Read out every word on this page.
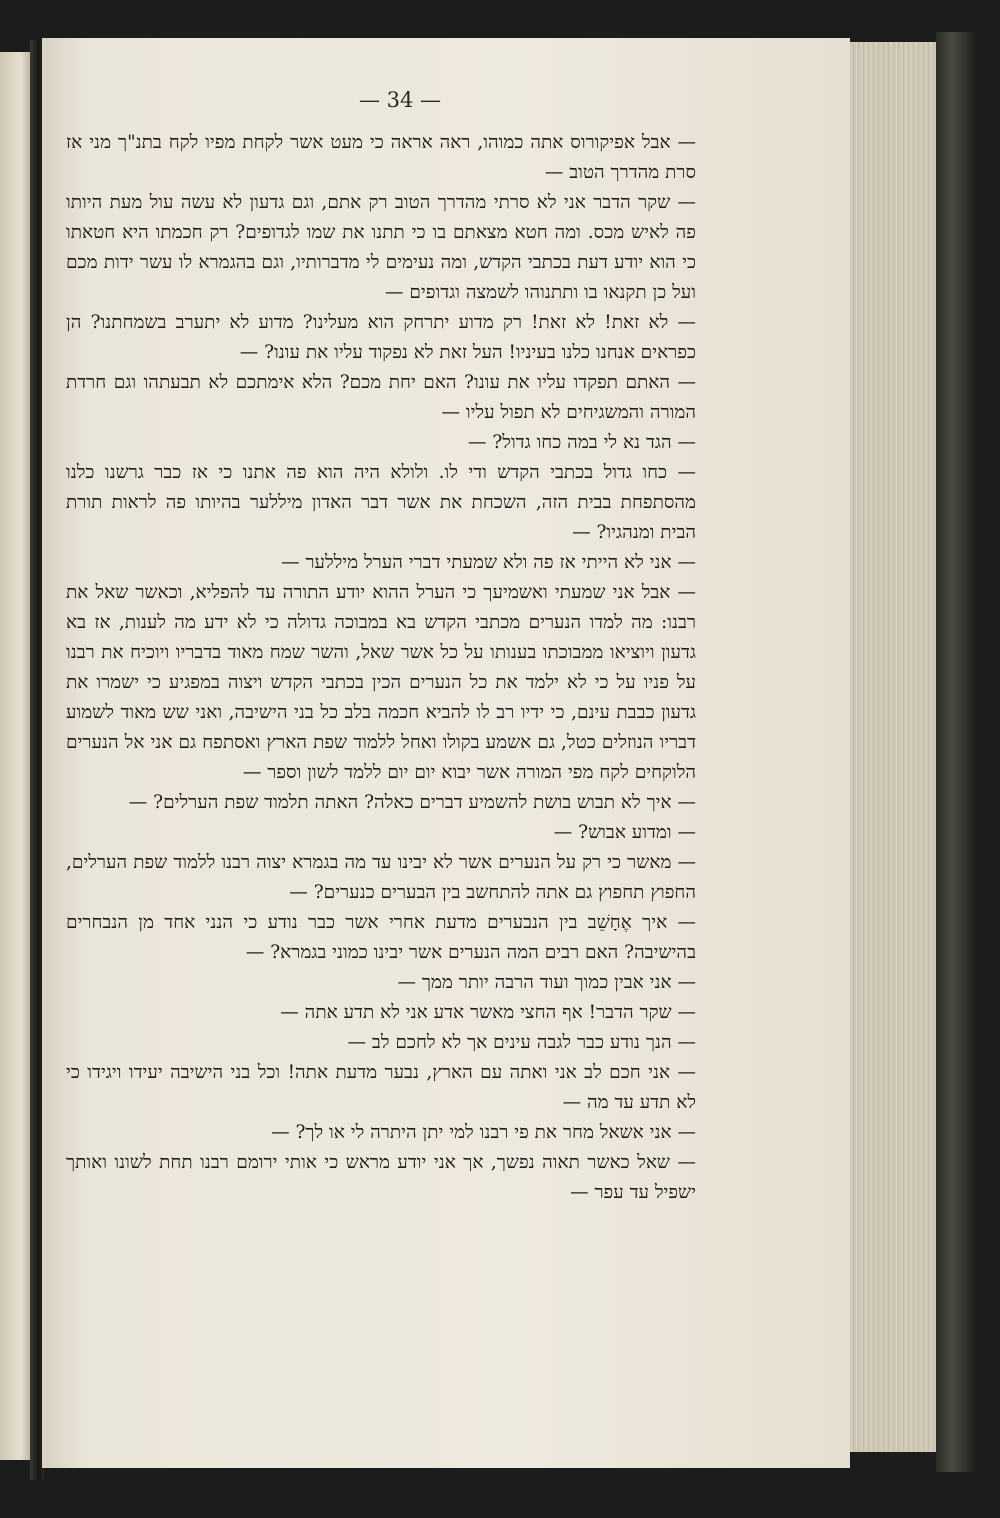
— 34 —

— אבל אפיקורוס אתה כמוהו, ראה אראה כי מעט אשר לקחת מפיו לקח בתנ"ך מני אז סרת מהדרך הטוב —

— שקר הדבר אני לא סרתי מהדרך הטוב רק אתם, וגם גדעון לא עשה עול מעת היותו פה לאיש מכס. ומה חטא מצאתם בו כי תתנו את שמו לגדופים? רק חכמתו היא חטאתו כי הוא יודע דעת בכתבי הקדש, ומה נעימים לי מדברותיו, וגם בהגמרא לו עשר ידות מכם ועל כן תקנאו בו ותתנוהו לשמצה וגדופים —

— לא זאת! לא זאת! רק מדוע יתרחק הוא מעלינו? מדוע לא יתערב בשמחתנו? הן כפראים אנחנו כלנו בעיניו! העל זאת לא נפקוד עליו את עונו? —

— האתם תפקדו עליו את עונו? האם יחת מכם? הלא אימתכם לא תבעתהו וגם חרדת המורה והמשגיחים לא תפול עליו —

— הגד נא לי במה כחו גדול? —

— כחו גדול בכתבי הקדש ודי לו. ולולא היה הוא פה אתנו כי אז כבר גרשנו כלנו מהסתפחת בבית הזה, השכחת את אשר דבר האדון מיללער בהיותו פה לראות תורת הבית ומנהגיו? —

— אני לא הייתי אז פה ולא שמעתי דברי הערל מיללער —

— אבל אני שמעתי ואשמיעך כי הערל ההוא יודע התורה עד להפליא, וכאשר שאל את רבנו: מה למדו הנערים מכתבי הקדש בא במבוכה גדולה כי לא ידע מה לענות, אז בא גדעון ויוציאו ממבוכתו בענותו על כל אשר שאל, והשר שמח מאוד בדבריו ויוכיח את רבנו על פניו על כי לא ילמד את כל הנערים הכין בכתבי הקדש ויצוה במפגיע כי ישמרו את גדעון כבבת עינם, כי ידיו רב לו להביא חכמה בלב כל בני הישיבה, ואני שש מאוד לשמוע דבריו הנוזלים כטל, גם אשמע בקולו ואחל ללמוד שפת הארץ ואסתפח גם אני אל הנערים הלוקחים לקח מפי המורה אשר יבוא יום יום ללמד לשון וספר —

— איך לא תבוש בושת להשמיע דברים כאלה? האתה תלמוד שפת הערלים? —

— ומדוע אבוש? —

— מאשר כי רק על הנערים אשר לא יבינו עד מה בגמרא יצוה רבנו ללמוד שפת הערלים, החפוץ תחפוץ גם אתה להתחשב בין הבערים כנערים? —

— איך אֶחָשֵׁב בין הנבערים מדעת אחרי אשר כבר נודע כי הנני אחד מן הנבחרים בהישיבה? האם רבים המה הנערים אשר יבינו כמוני בגמרא? —

— אני אבין כמוך ועוד הרבה יותר ממך —

— שקר הדבר! אף החצי מאשר אדע אני לא תדע אתה —

— הנך נודע כבר לגבה עינים אך לא לחכם לב —

— אני חכם לב אני ואתה עם הארץ, נבער מדעת אתה! וכל בני הישיבה יעידו ויגידו כי לא תדע עד מה —

— אני אשאל מחר את פי רבנו למי יתן היתרה לי או לך? —

— שאל כאשר תאוה נפשך, אך אני יודע מראש כי אותי ירומם רבנו תחת לשונו ואותך ישפיל עד עפר —
